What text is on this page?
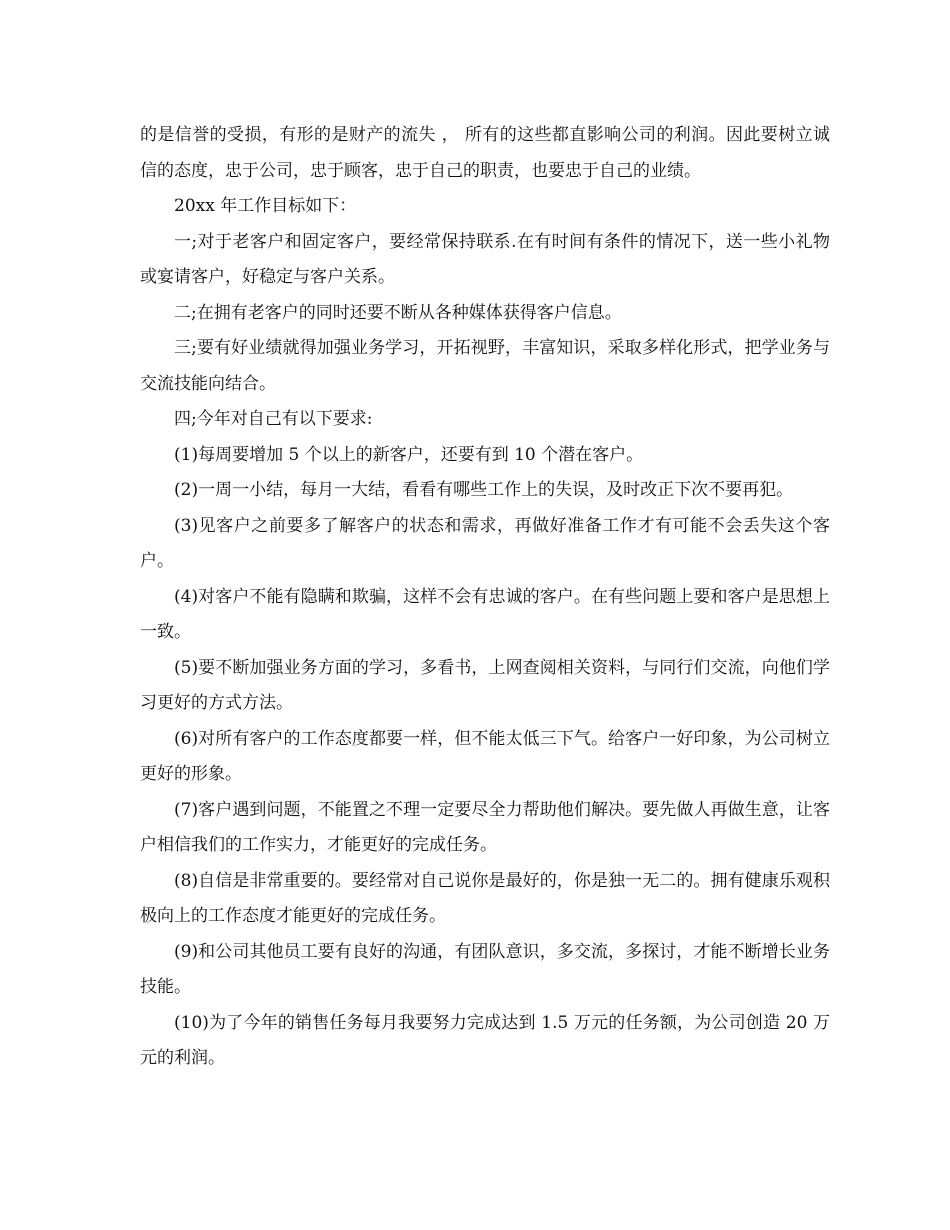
的是信誉的受损，有形的是财产的流失 ， 所有的这些都直影响公司的利润。因此要树立诚信的态度，忠于公司，忠于顾客，忠于自己的职责，也要忠于自己的业绩。

20xx 年工作目标如下：

一;对于老客户和固定客户，要经常保持联系.在有时间有条件的情况下，送一些小礼物或宴请客户，好稳定与客户关系。

二;在拥有老客户的同时还要不断从各种媒体获得客户信息。

三;要有好业绩就得加强业务学习，开拓视野，丰富知识，采取多样化形式，把学业务与交流技能向结合。

四;今年对自己有以下要求:

(1)每周要增加 5 个以上的新客户，还要有到 10 个潜在客户。

(2)一周一小结，每月一大结，看看有哪些工作上的失误，及时改正下次不要再犯。

(3)见客户之前要多了解客户的状态和需求，再做好准备工作才有可能不会丢失这个客户。

(4)对客户不能有隐瞒和欺骗，这样不会有忠诚的客户。在有些问题上要和客户是思想上一致。

(5)要不断加强业务方面的学习，多看书，上网查阅相关资料，与同行们交流，向他们学习更好的方式方法。

(6)对所有客户的工作态度都要一样，但不能太低三下气。给客户一好印象，为公司树立更好的形象。

(7)客户遇到问题，不能置之不理一定要尽全力帮助他们解决。要先做人再做生意，让客户相信我们的工作实力，才能更好的完成任务。

(8)自信是非常重要的。要经常对自己说你是最好的，你是独一无二的。拥有健康乐观积极向上的工作态度才能更好的完成任务。

(9)和公司其他员工要有良好的沟通，有团队意识，多交流，多探讨，才能不断增长业务技能。

(10)为了今年的销售任务每月我要努力完成达到 1.5 万元的任务额，为公司创造 20 万元的利润。
